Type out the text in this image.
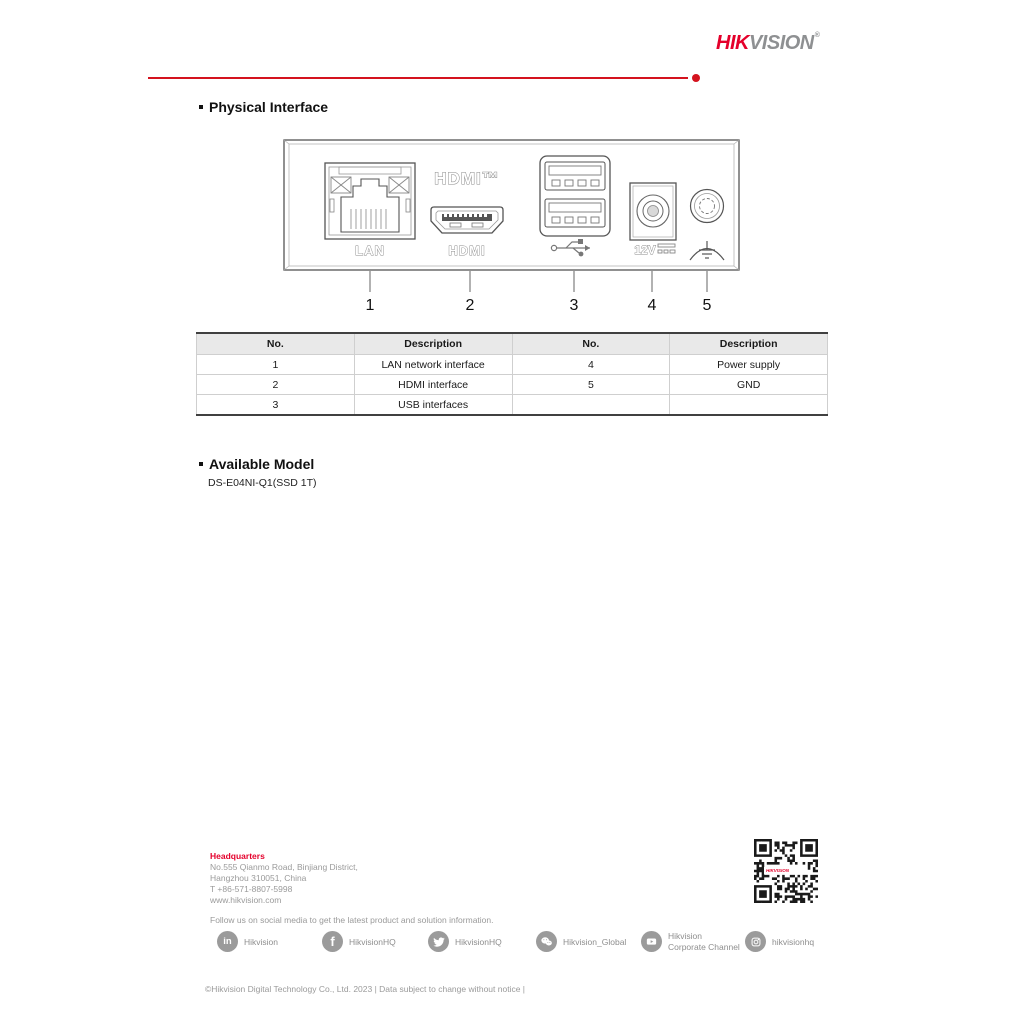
HIKVISION®
Physical Interface
LAN
HDMI™
HDMI	12V
1	2	3	4	5
No.	Description	No.	Description
1	LAN network interface	4	Power supply
2	HDMI interface	5	GND
3	USB interfaces		
Available Model
DS-E04NI-Q1(SSD 1T)
Headquarters
No.555 Qianmo Road, Binjiang District,
Hangzhou 310051, China
T +86-571-8807-5998
www.hikvision.com
HIKVISION
Follow us on social media to get the latest product and solution information.
in Hikvision	f HikvisionHQ	HikvisionHQ	Hikvision_Global
Hikvision
Corporate Channel
hikvisionhq
©Hikvision Digital Technology Co., Ltd. 2023 | Data subject to change without notice |
